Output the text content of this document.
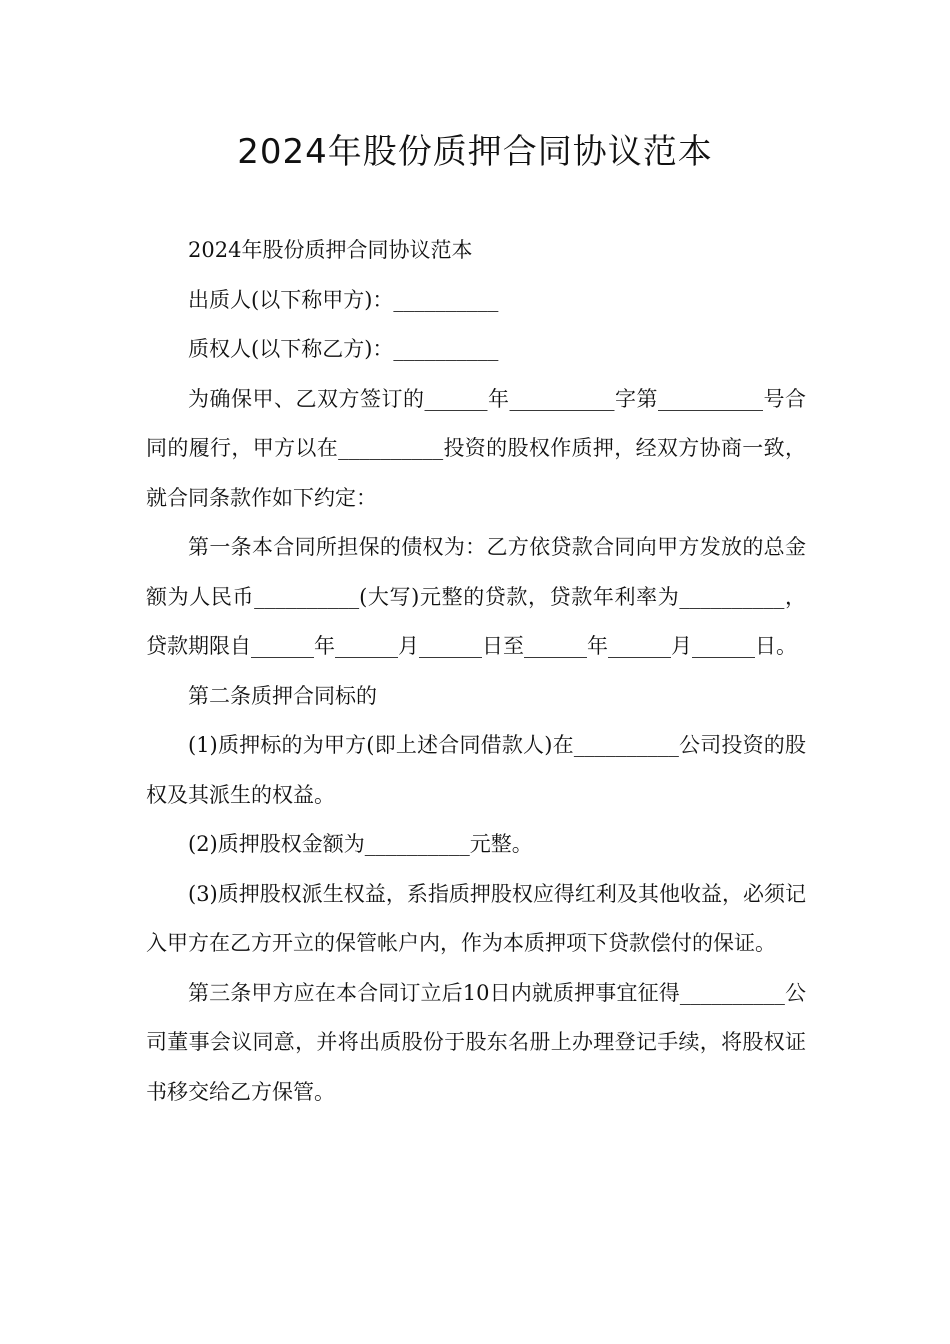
2024年股份质押合同协议范本

2024年股份质押合同协议范本

出质人(以下称甲方)：__________

质权人(以下称乙方)：__________

为确保甲、乙双方签订的______年__________字第__________号合同的履行，甲方以在__________投资的股权作质押，经双方协商一致，就合同条款作如下约定：

第一条本合同所担保的债权为：乙方依贷款合同向甲方发放的总金额为人民币__________(大写)元整的贷款，贷款年利率为__________，贷款期限自______年______月______日至______年______月______日。

第二条质押合同标的

(1)质押标的为甲方(即上述合同借款人)在__________公司投资的股权及其派生的权益。

(2)质押股权金额为__________元整。

(3)质押股权派生权益，系指质押股权应得红利及其他收益，必须记入甲方在乙方开立的保管帐户内，作为本质押项下贷款偿付的保证。

第三条甲方应在本合同订立后10日内就质押事宜征得__________公司董事会议同意，并将出质股份于股东名册上办理登记手续，将股权证书移交给乙方保管。
